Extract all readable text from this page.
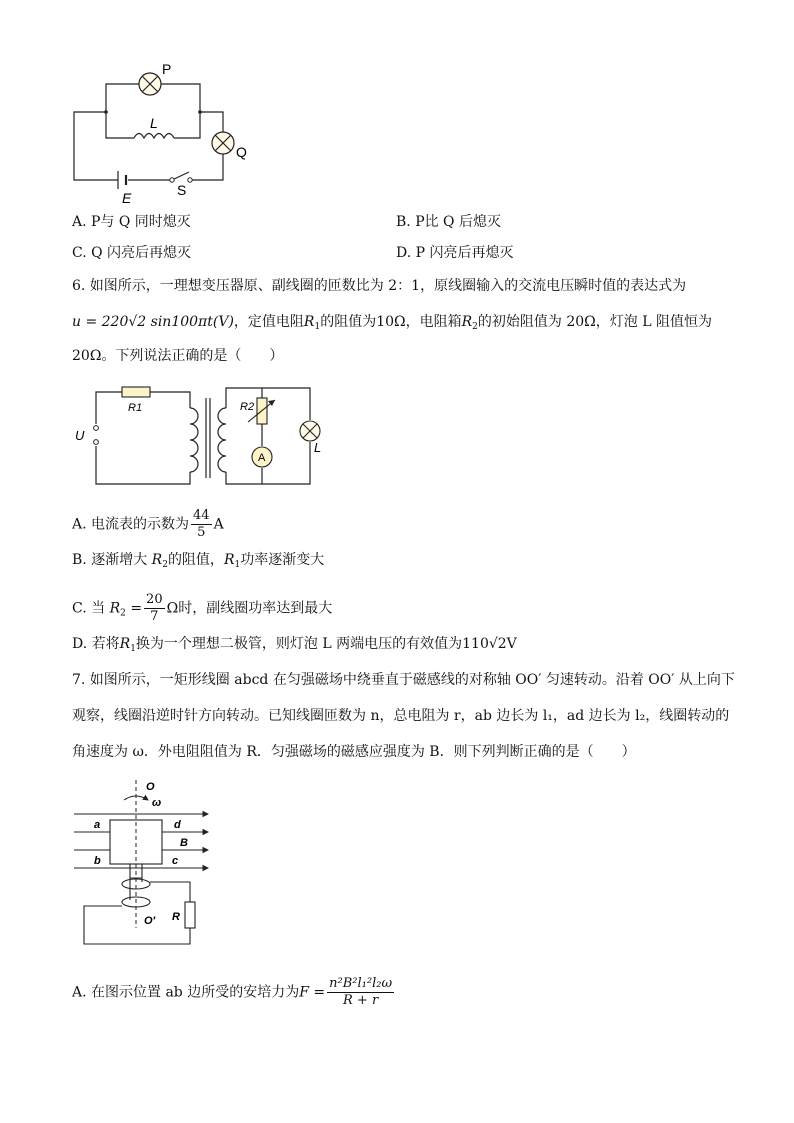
P
Q
L
E	S
A. P与 Q 同时熄灭	B. P比 Q 后熄灭
C. Q 闪亮后再熄灭	D. P 闪亮后再熄灭
6. 如图所示，一理想变压器原、副线圈的匝数比为 2：1，原线圈输入的交流电压瞬时值的表达式为
u = 220√2 sin100πt(V)，定值电阻$R_1$的阻值为10Ω，电阻箱$R_2$的初始阻值为 20Ω，灯泡 L 阻值恒为
20Ω。下列说法正确的是（　　）
A
U
R1	R2
L
A. 电流表的示数为 $\frac{44}{5}$ A
B. 逐渐增大 $R_2$的阻值，$R_1$功率逐渐变大
C. 当 $R_2 = \frac{20}{7}$ Ω时，副线圈功率达到最大
D. 若将$R_1$换为一个理想二极管，则灯泡 L 两端电压的有效值为110√2V
7. 如图所示，一矩形线圈 abcd 在匀强磁场中绕垂直于磁感线的对称轴 OO′ 匀速转动。沿着 OO′ 从上向下
观察，线圈沿逆时针方向转动。已知线圈匝数为 n，总电阻为 r，ab 边长为 l₁，ad 边长为 l₂，线圈转动的
角速度为 ω．外电阻阻值为 R．匀强磁场的磁感应强度为 B．则下列判断正确的是（　　）
O
ω
a	d
B
b	c
O′ R
A. 在图示位置 ab 边所受的安培力为$F = \frac{\text{n²B²l₁²l₂ω}}{R + r}$
